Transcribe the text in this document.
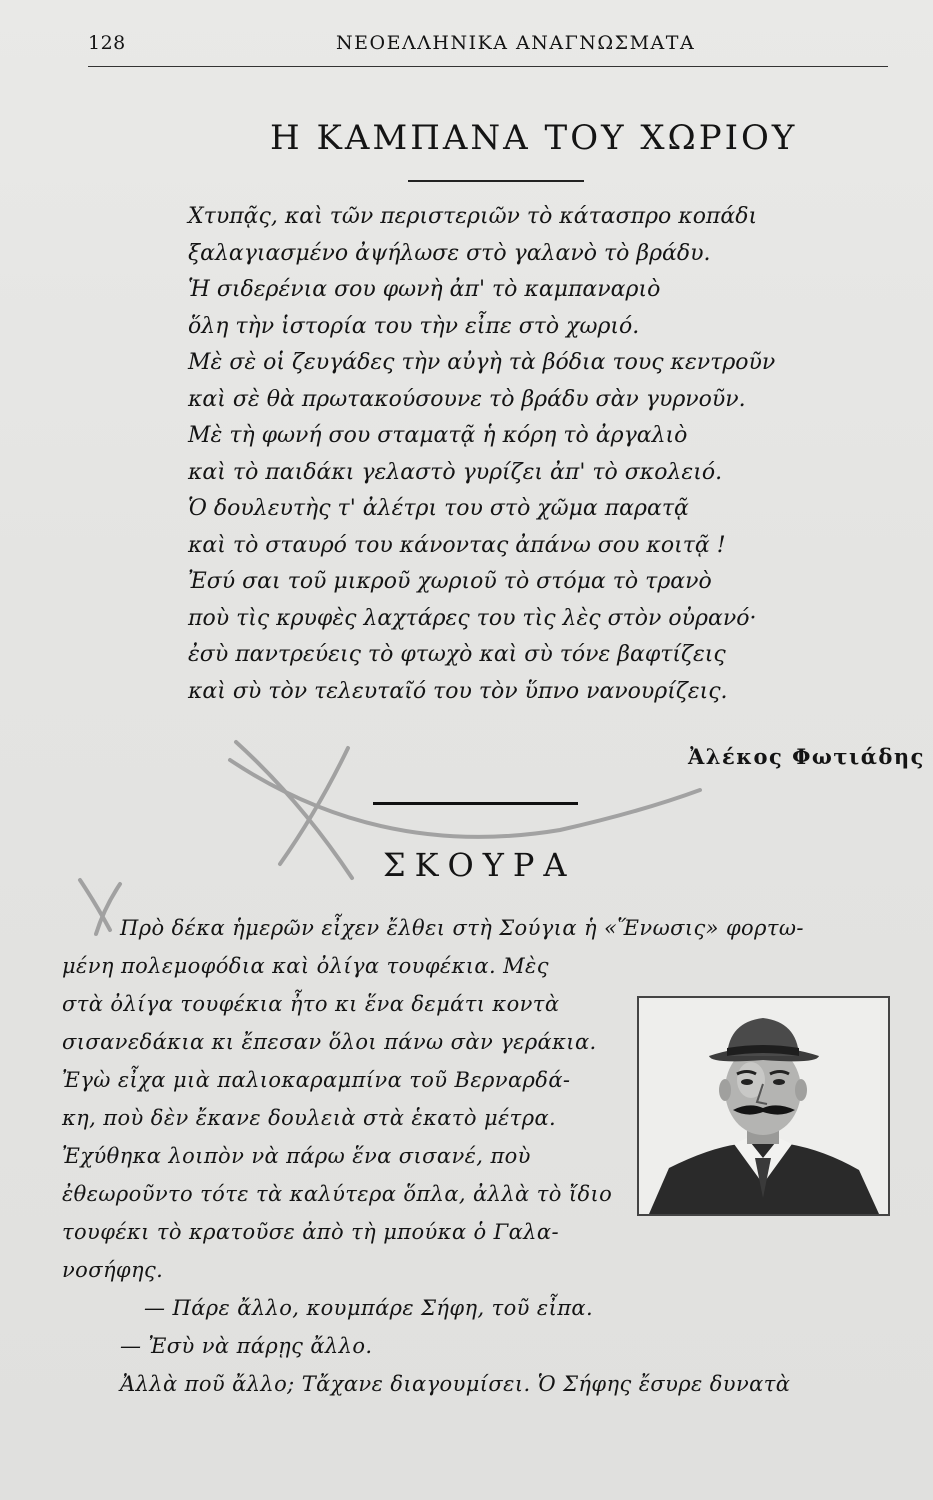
128	ΝΕΟΕΛΛΗΝΙΚΑ ΑΝΑΓΝΩΣΜΑΤΑ
Η ΚΑΜΠΑΝΑ ΤΟΥ ΧΩΡΙΟΥ
Χτυπᾷς, καὶ τῶν περιστεριῶν τὸ κάτασπρο κοπάδι
ξαλαγιασμένο ἀψήλωσε στὸ γαλανὸ τὸ βράδυ.
Ἡ σιδερένια σου φωνὴ ἀπ' τὸ καμπαναριὸ
ὅλη τὴν ἱστορία του τὴν εἶπε στὸ χωριό.
Μὲ σὲ οἱ ζευγάδες τὴν αὐγὴ τὰ βόδια τους κεντροῦν
καὶ σὲ θὰ πρωτακούσουνε τὸ βράδυ σὰν γυρνοῦν.
Μὲ τὴ φωνή σου σταματᾷ ἡ κόρη τὸ ἀργαλιὸ
καὶ τὸ παιδάκι γελαστὸ γυρίζει ἀπ' τὸ σκολειό.
Ὁ δουλευτὴς τ' ἀλέτρι του στὸ χῶμα παρατᾷ
καὶ τὸ σταυρό του κάνοντας ἀπάνω σου κοιτᾷ !
Ἐσύ σαι τοῦ μικροῦ χωριοῦ τὸ στόμα τὸ τρανὸ
ποὺ τὶς κρυφὲς λαχτάρες του τὶς λὲς στὸν οὐρανό·
ἐσὺ παντρεύεις τὸ φτωχὸ καὶ σὺ τόνε βαφτίζεις
καὶ σὺ τὸν τελευταῖό του τὸν ὕπνο νανουρίζεις.
Ἀλέκος Φωτιάδης
ΣΚΟΥΡΑ
Πρὸ δέκα ἡμερῶν εἶχεν ἔλθει στὴ Σούγια ἡ «Ἕνωσις» φορτω-
μένη πολεμοφόδια καὶ ὀλίγα τουφέκια. Μὲς
στὰ ὀλίγα τουφέκια ἦτο κι ἕνα δεμάτι κοντὰ
σισανεδάκια κι ἔπεσαν ὅλοι πάνω σὰν γεράκια.
Ἐγὼ εἶχα μιὰ παλιοκαραμπίνα τοῦ Βερναρδά-
κη, ποὺ δὲν ἔκανε δουλειὰ στὰ ἑκατὸ μέτρα.
Ἐχύθηκα λοιπὸν νὰ πάρω ἕνα σισανέ, ποὺ
ἐθεωροῦντο τότε τὰ καλύτερα ὅπλα, ἀλλὰ τὸ ἴδιο
τουφέκι τὸ κρατοῦσε ἀπὸ τὴ μπούκα ὁ Γαλα-
νοσήφης.
— Πάρε ἄλλο, κουμπάρε Σήφη, τοῦ εἶπα.
— Ἐσὺ νὰ πάρῃς ἄλλο.
Ἀλλὰ ποῦ ἄλλο; Τἄχανε διαγουμίσει. Ὁ Σήφης ἔσυρε δυνατὰ
